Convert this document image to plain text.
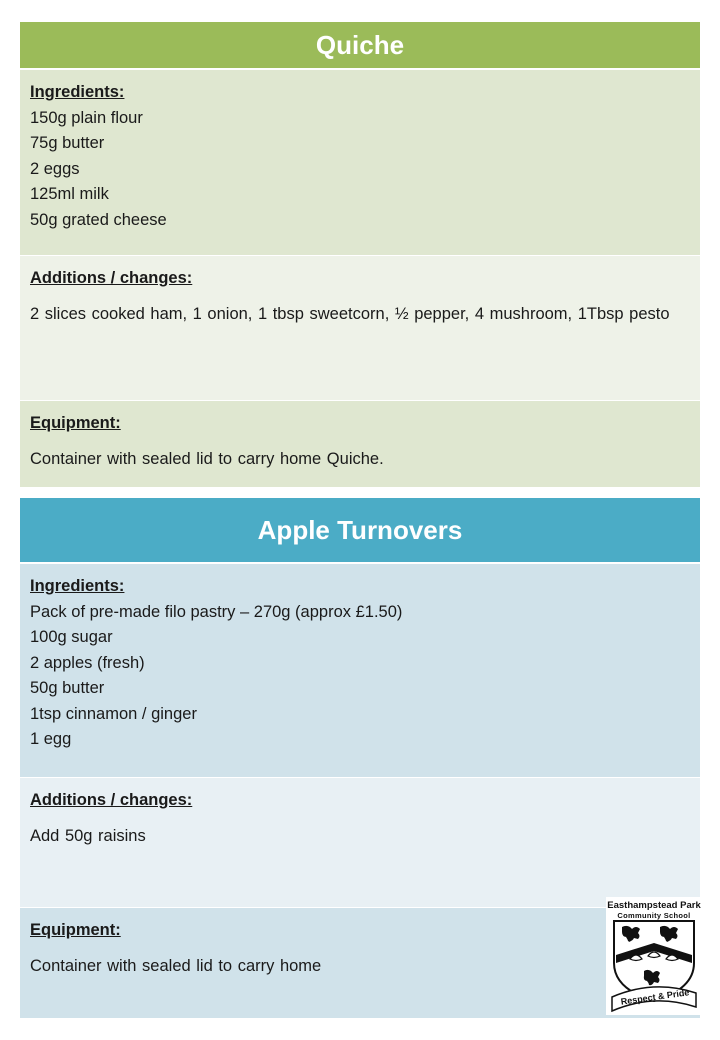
Quiche
Ingredients:
150g plain flour
75g butter
2 eggs
125ml milk
50g grated cheese
Additions / changes:
2 slices cooked ham, 1 onion, 1 tbsp sweetcorn, ½ pepper, 4 mushroom, 1Tbsp pesto
Equipment:
Container with sealed lid to carry home Quiche.
Apple Turnovers
Ingredients:
Pack of pre-made filo pastry – 270g (approx £1.50)
100g sugar
2 apples (fresh)
50g butter
1tsp cinnamon / ginger
1 egg
Additions / changes:
Add 50g raisins
Equipment:
Container with sealed lid to carry home
Easthampstead Park
Community School
Respect & Pride
